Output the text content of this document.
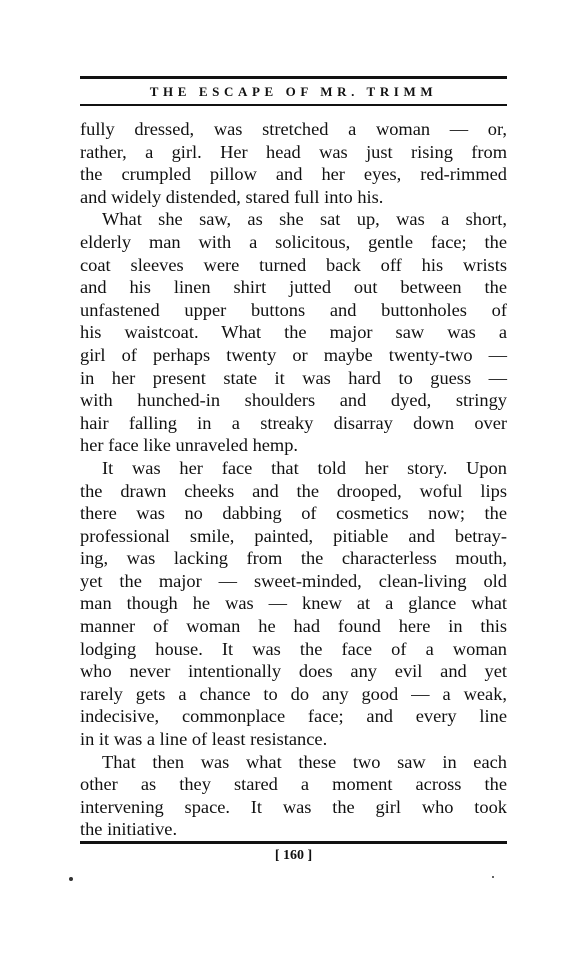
THE ESCAPE OF MR. TRIMM
fully dressed, was stretched a woman — or,
rather, a girl. Her head was just rising from
the crumpled pillow and her eyes, red-rimmed
and widely distended, stared full into his.
What she saw, as she sat up, was a short,
elderly man with a solicitous, gentle face; the
coat sleeves were turned back off his wrists
and his linen shirt jutted out between the
unfastened upper buttons and buttonholes of
his waistcoat. What the major saw was a
girl of perhaps twenty or maybe twenty-two —
in her present state it was hard to guess —
with hunched-in shoulders and dyed, stringy
hair falling in a streaky disarray down over
her face like unraveled hemp.
It was her face that told her story. Upon
the drawn cheeks and the drooped, woful lips
there was no dabbing of cosmetics now; the
professional smile, painted, pitiable and betray-
ing, was lacking from the characterless mouth,
yet the major — sweet-minded, clean-living old
man though he was — knew at a glance what
manner of woman he had found here in this
lodging house. It was the face of a woman
who never intentionally does any evil and yet
rarely gets a chance to do any good — a weak,
indecisive, commonplace face; and every line
in it was a line of least resistance.
That then was what these two saw in each
other as they stared a moment across the
intervening space. It was the girl who took
the initiative.
[ 160 ]
